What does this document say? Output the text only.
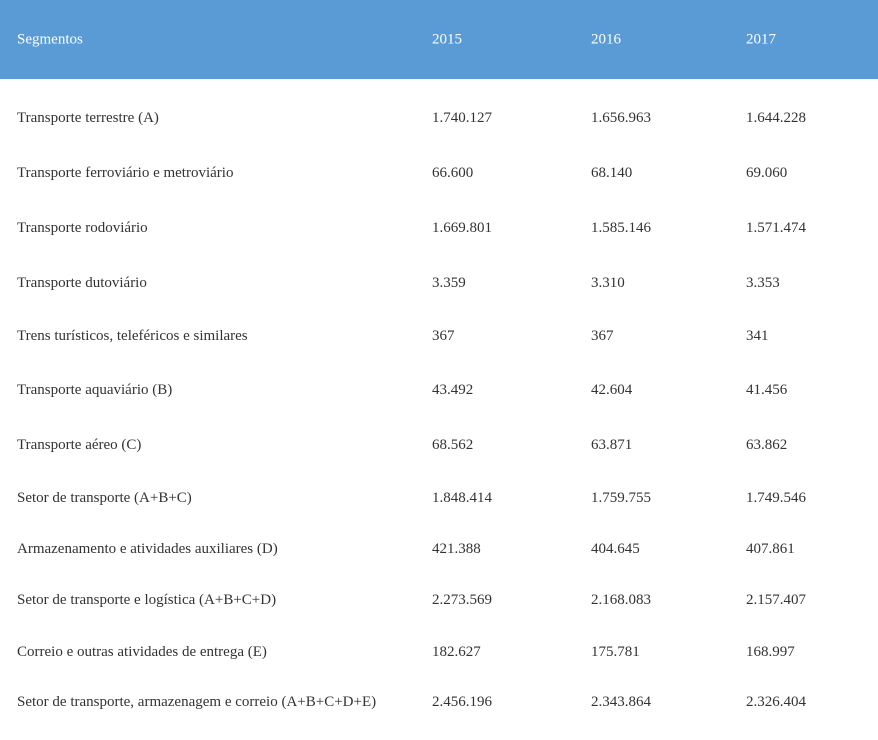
Segmentos	2015	2016	2017
Transporte terrestre (A)	1.740.127	1.656.963	1.644.228
Transporte ferroviário e metroviário	66.600	68.140	69.060
Transporte rodoviário	1.669.801	1.585.146	1.571.474
Transporte dutoviário	3.359	3.310	3.353
Trens turísticos, teleféricos e similares	367	367	341
Transporte aquaviário (B)	43.492	42.604	41.456
Transporte aéreo (C)	68.562	63.871	63.862
Setor de transporte (A+B+C)	1.848.414	1.759.755	1.749.546
Armazenamento e atividades auxiliares (D)	421.388	404.645	407.861
Setor de transporte e logística (A+B+C+D)	2.273.569	2.168.083	2.157.407
Correio e outras atividades de entrega (E)	182.627	175.781	168.997
Setor de transporte, armazenagem e correio (A+B+C+D+E)	2.456.196	2.343.864	2.326.404
